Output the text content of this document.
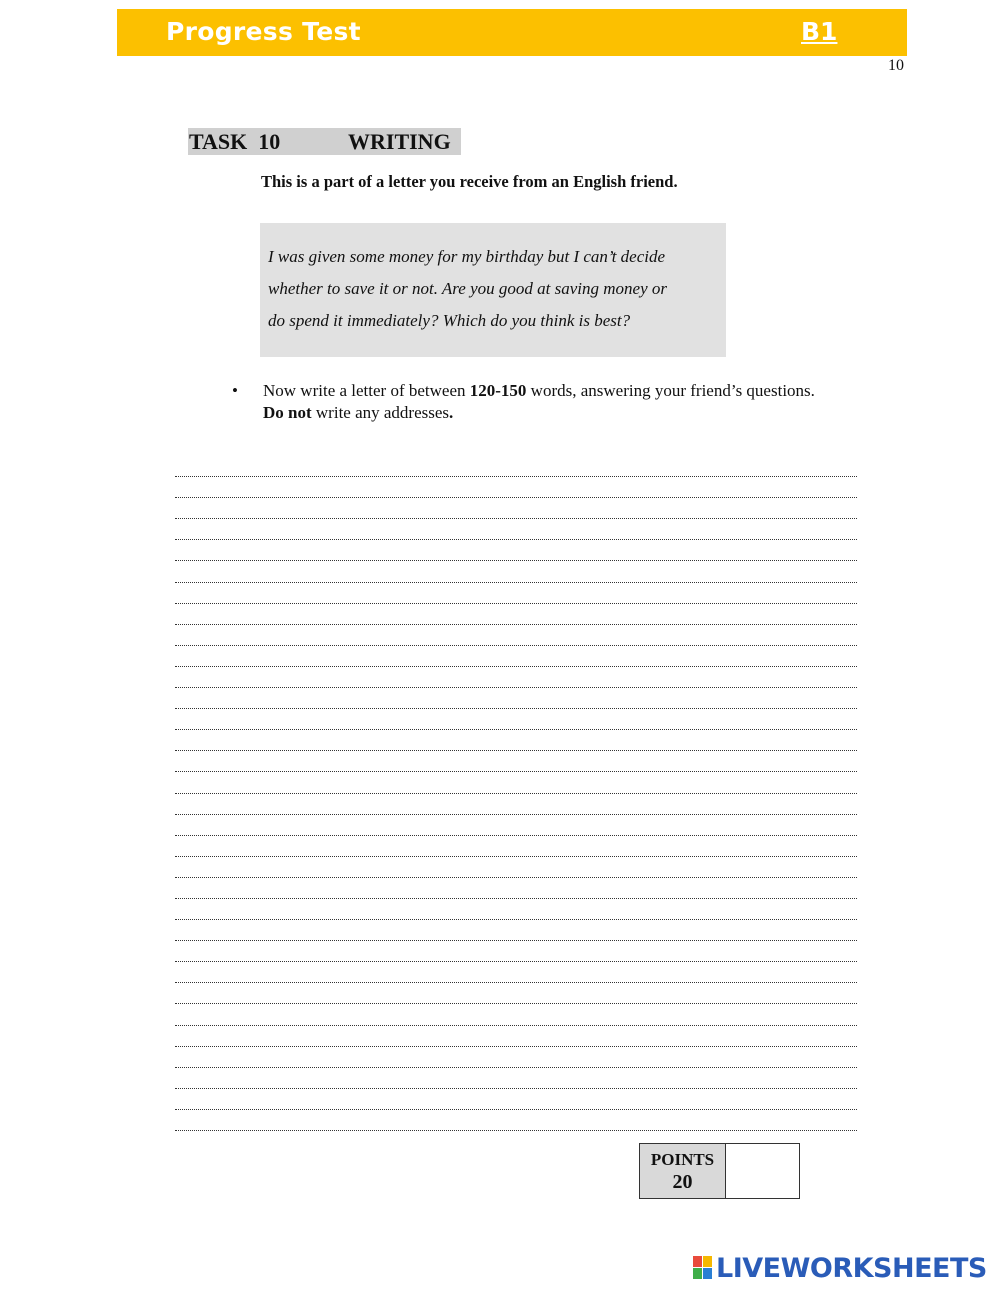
Progress Test	B1
10
TASK  10	WRITING
This is a part of a letter you receive from an English friend.
I was given some money for my birthday but I can’t decide
whether to save it or not. Are you good at saving money or
do spend it immediately? Which do you think is best?
• Now write a letter of between 120-150 words, answering your friend’s questions.
Do not write any addresses.
POINTS
20
LIVEWORKSHEETS
